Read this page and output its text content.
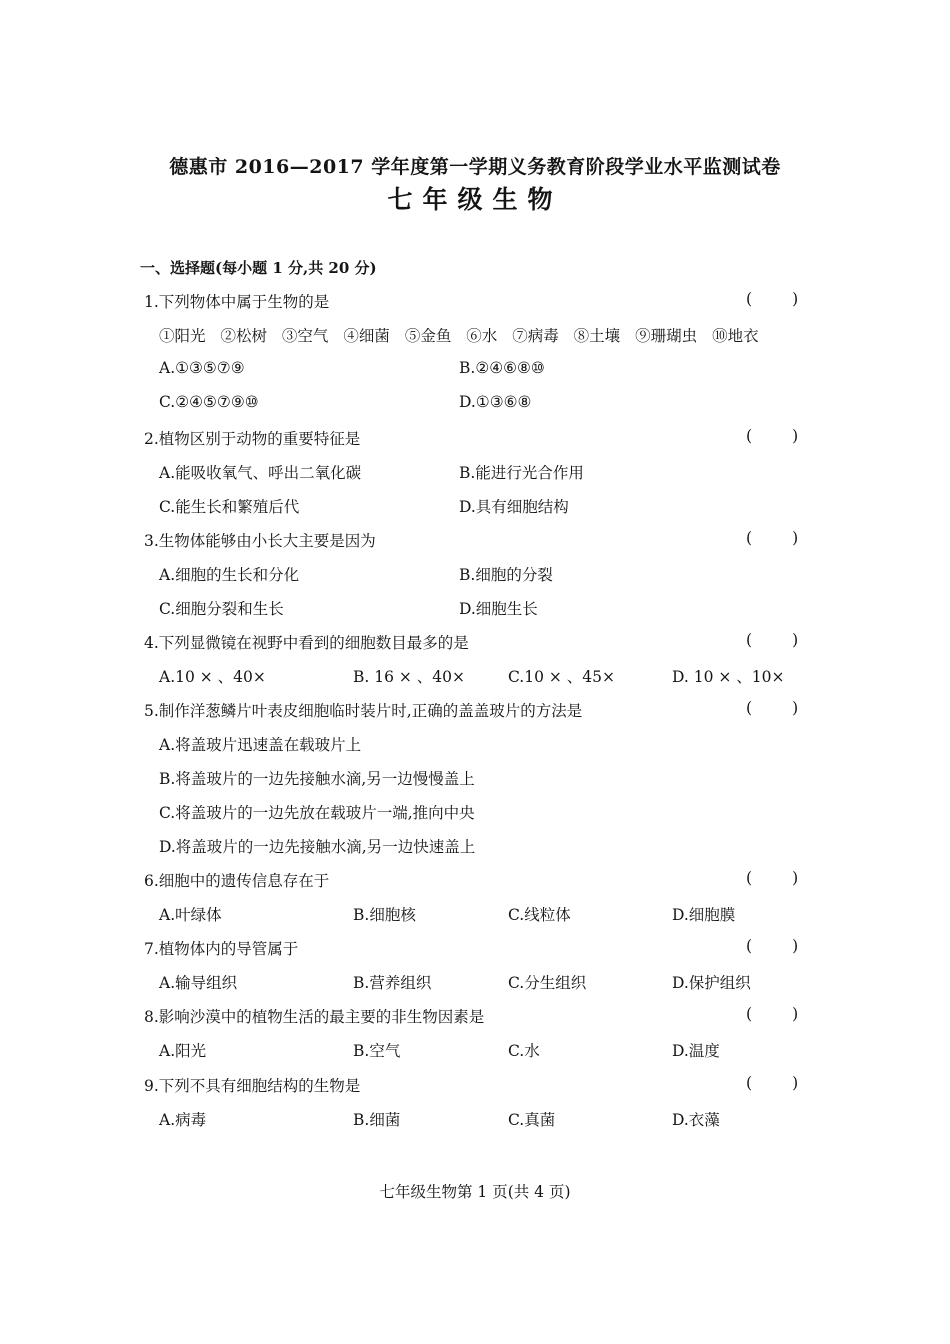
德惠市 2016—2017 学年度第一学期义务教育阶段学业水平监测试卷
七年级生物
一、选择题(每小题 1 分,共 20 分)
1.下列物体中属于生物的是	(	)
①阳光 ②松树 ③空气 ④细菌 ⑤金鱼 ⑥水 ⑦病毒 ⑧土壤 ⑨珊瑚虫 ⑩地衣
A.①③⑤⑦⑨	B.②④⑥⑧⑩
C.②④⑤⑦⑨⑩	D.①③⑥⑧
2.植物区别于动物的重要特征是	(	)
A.能吸收氧气、呼出二氧化碳	B.能进行光合作用
C.能生长和繁殖后代	D.具有细胞结构
3.生物体能够由小长大主要是因为	(	)
A.细胞的生长和分化	B.细胞的分裂
C.细胞分裂和生长	D.细胞生长
4.下列显微镜在视野中看到的细胞数目最多的是	(	)
A.10 × 、40×	B. 16 × 、40×	C.10 × 、45×	D. 10 × 、10×
5.制作洋葱鳞片叶表皮细胞临时装片时,正确的盖盖玻片的方法是	(	)
A.将盖玻片迅速盖在载玻片上
B.将盖玻片的一边先接触水滴,另一边慢慢盖上
C.将盖玻片的一边先放在载玻片一端,推向中央
D.将盖玻片的一边先接触水滴,另一边快速盖上
6.细胞中的遗传信息存在于	(	)
A.叶绿体	B.细胞核	C.线粒体	D.细胞膜
7.植物体内的导管属于	(	)
A.输导组织	B.营养组织	C.分生组织	D.保护组织
8.影响沙漠中的植物生活的最主要的非生物因素是	(	)
A.阳光	B.空气	C.水	D.温度
9.下列不具有细胞结构的生物是	(	)
A.病毒	B.细菌	C.真菌	D.衣藻
七年级生物第 1 页(共 4 页)
